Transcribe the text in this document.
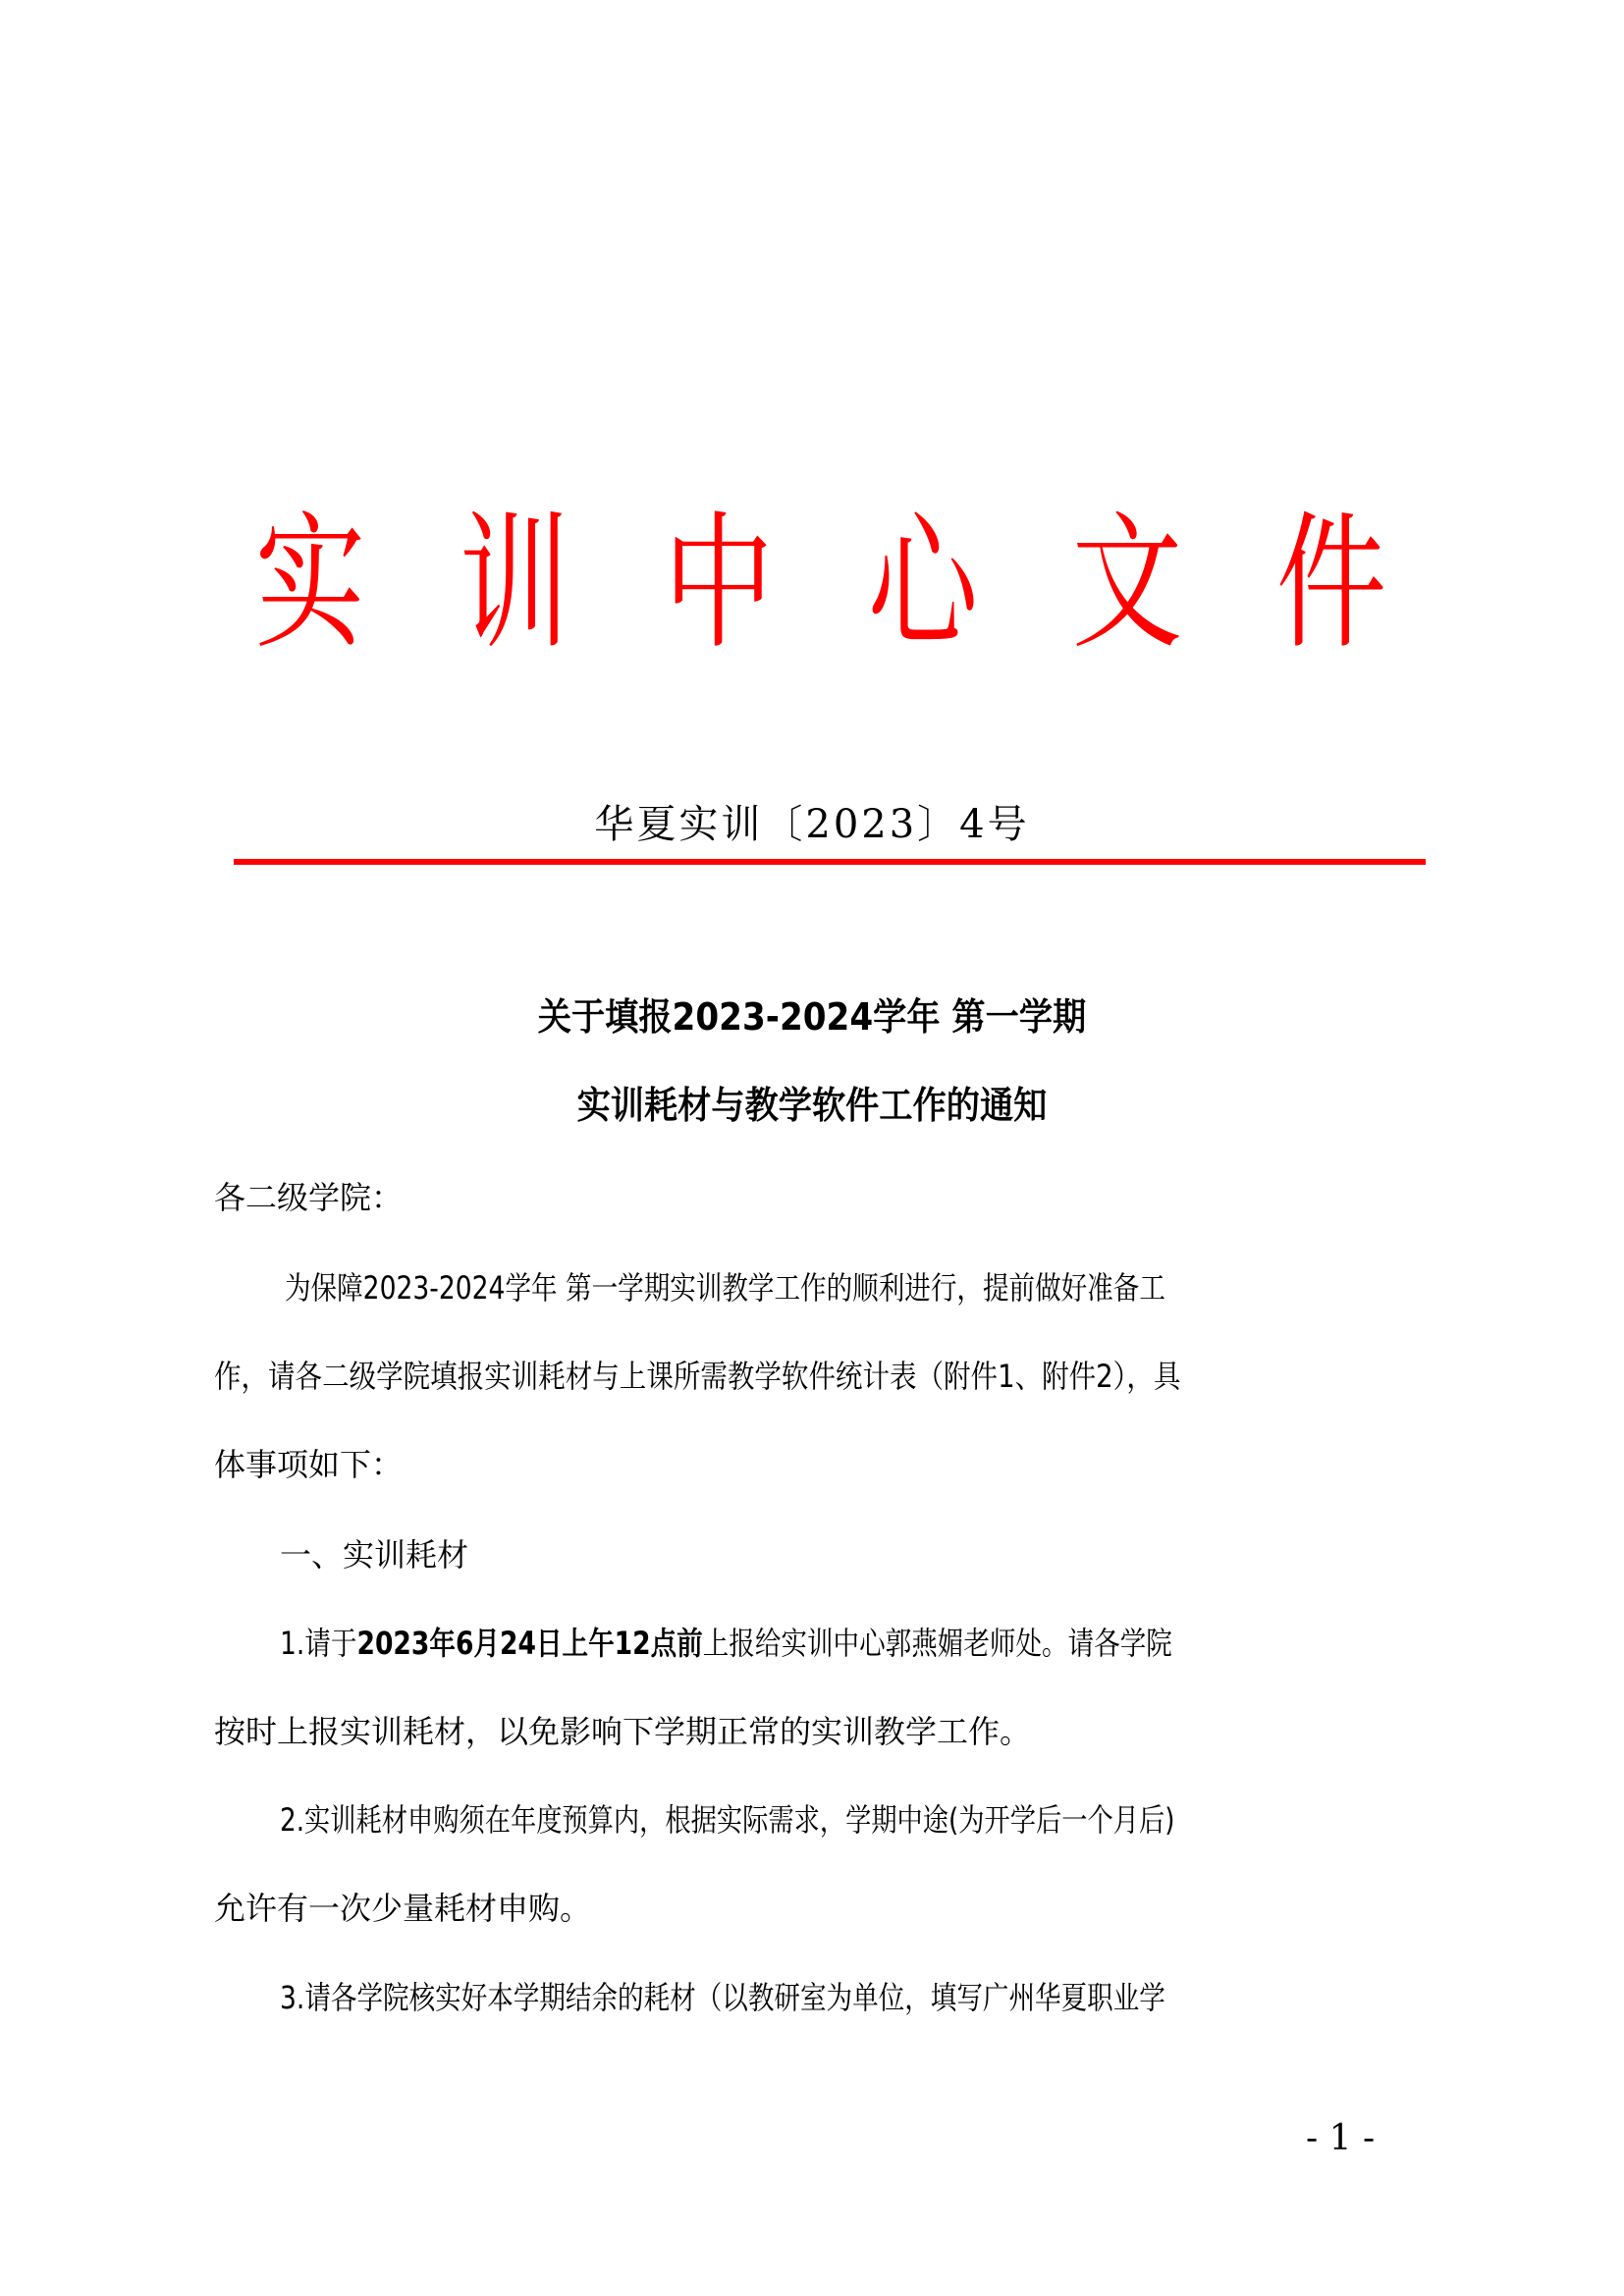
实 训 中 心 文 件
华夏实训〔2023〕4号
关于填报2023-2024学年 第一学期
实训耗材与教学软件工作的通知
各二级学院：
为保障2023-2024学年 第一学期实训教学工作的顺利进行，提前做好准备工
作，请各二级学院填报实训耗材与上课所需教学软件统计表（附件1、附件2），具
体事项如下：
一、实训耗材
1.请于2023年6月24日上午12点前上报给实训中心郭燕媚老师处。请各学院
按时上报实训耗材，以免影响下学期正常的实训教学工作。
2.实训耗材申购须在年度预算内，根据实际需求，学期中途(为开学后一个月后)
允许有一次少量耗材申购。
3.请各学院核实好本学期结余的耗材（以教研室为单位，填写广州华夏职业学
- 1 -
